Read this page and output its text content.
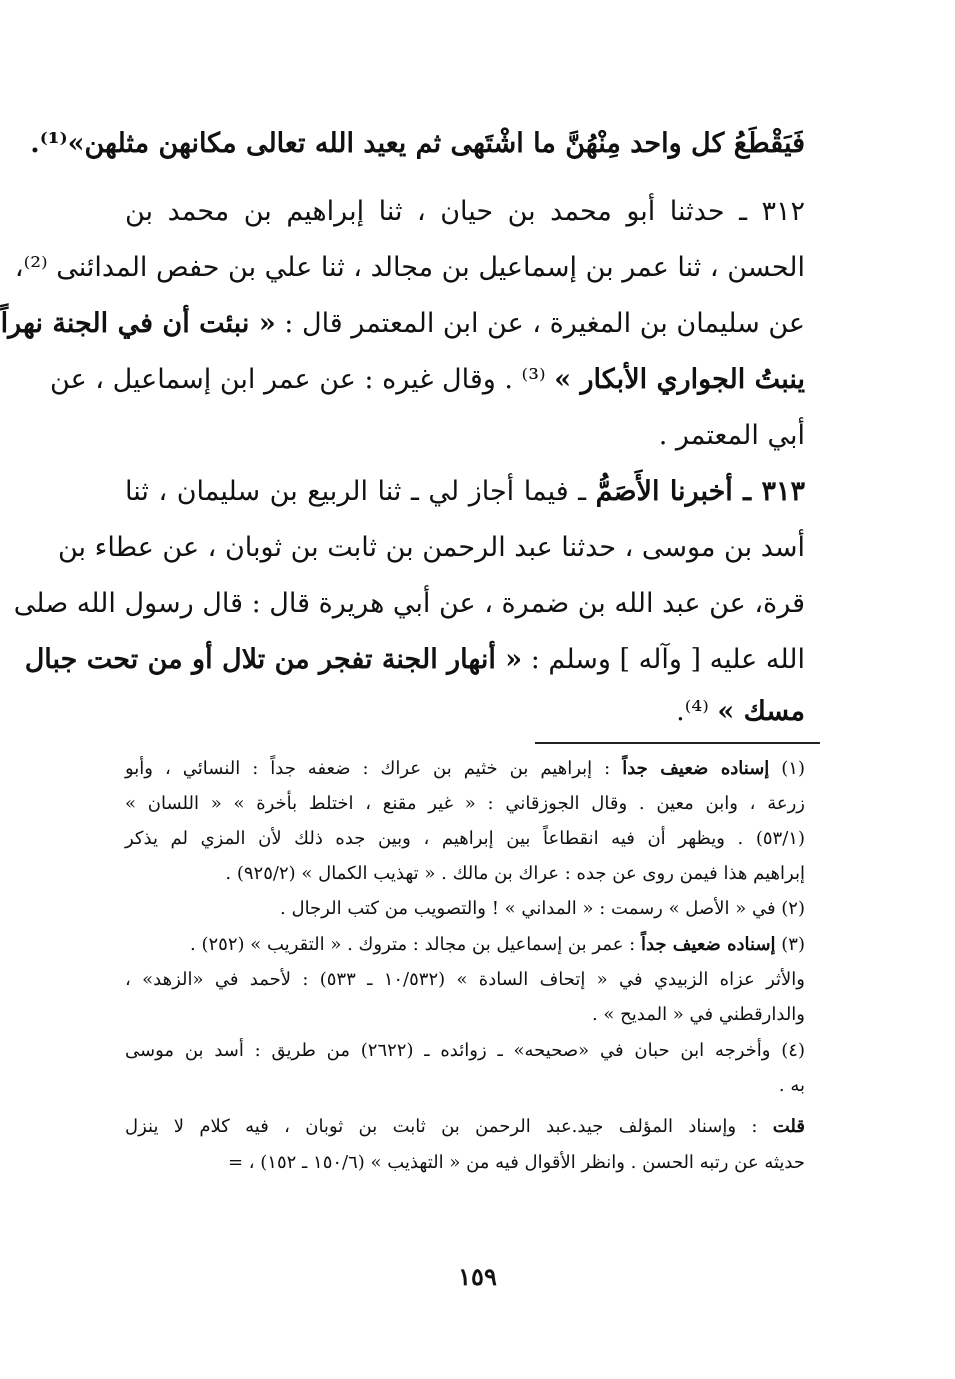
فَيَقْطَعُ كل واحد مِنْهُنَّ ما اشْتَهى ثم يعيد الله تعالى مكانهن مثلهن»⁽¹⁾.
٣١٢ ـ حدثنا أبو محمد بن حيان ، ثنا إبراهيم بن محمد بن
الحسن ، ثنا عمر بن إسماعيل بن مجالد ، ثنا علي بن حفص المدائنى ⁽²⁾،
عن سليمان بن المغيرة ، عن ابن المعتمر قال : « نبئت أن في الجنة نهراً
ينبتُ الجواري الأبكار » ⁽³⁾ . وقال غيره : عن عمر ابن إسماعيل ، عن
أبي المعتمر .
٣١٣ ـ أخبرنا الأَصَمُّ ـ فيما أجاز لي ـ ثنا الربيع بن سليمان ، ثنا
أسد بن موسى ، حدثنا عبد الرحمن بن ثابت بن ثوبان ، عن عطاء بن
قرة، عن عبد الله بن ضمرة ، عن أبي هريرة قال : قال رسول الله صلى
الله عليه [ وآله ] وسلم : « أنهار الجنة تفجر من تلال أو من تحت جبال
مسك » ⁽⁴⁾.
(١) إسناده ضعيف جداً : إبراهيم بن خثيم بن عراك : ضعفه جداً : النسائي ، وأبو
زرعة ، وابن معين . وقال الجوزقاني : « غير مقنع ، اختلط بأخرة » « اللسان »
(٥٣/١) . ويظهر أن فيه انقطاعاً بين إبراهيم ، وبين جده ذلك لأن المزي لم يذكر
إبراهيم هذا فيمن روى عن جده : عراك بن مالك . « تهذيب الكمال » (٩٢٥/٢) .
(٢) في « الأصل » رسمت : « المداني » ! والتصويب من كتب الرجال .
(٣) إسناده ضعيف جداً : عمر بن إسماعيل بن مجالد : متروك . « التقريب » (٢٥٢) .
والأثر عزاه الزبيدي في « إتحاف السادة » (١٠/٥٣٢ ـ ٥٣٣) : لأحمد في «الزهد» ،
والدارقطني في « المديح » .
(٤) وأخرجه ابن حبان في «صحيحه» ـ زوائده ـ (٢٦٢٢) من طريق : أسد بن موسى
به .
قلت : وإسناد المؤلف جيد.عبد الرحمن بن ثابت بن ثوبان ، فيه كلام لا ينزل
حديثه عن رتبه الحسن . وانظر الأقوال فيه من « التهذيب » (١٥٠/٦ ـ ١٥٢) ، =
١٥٩
